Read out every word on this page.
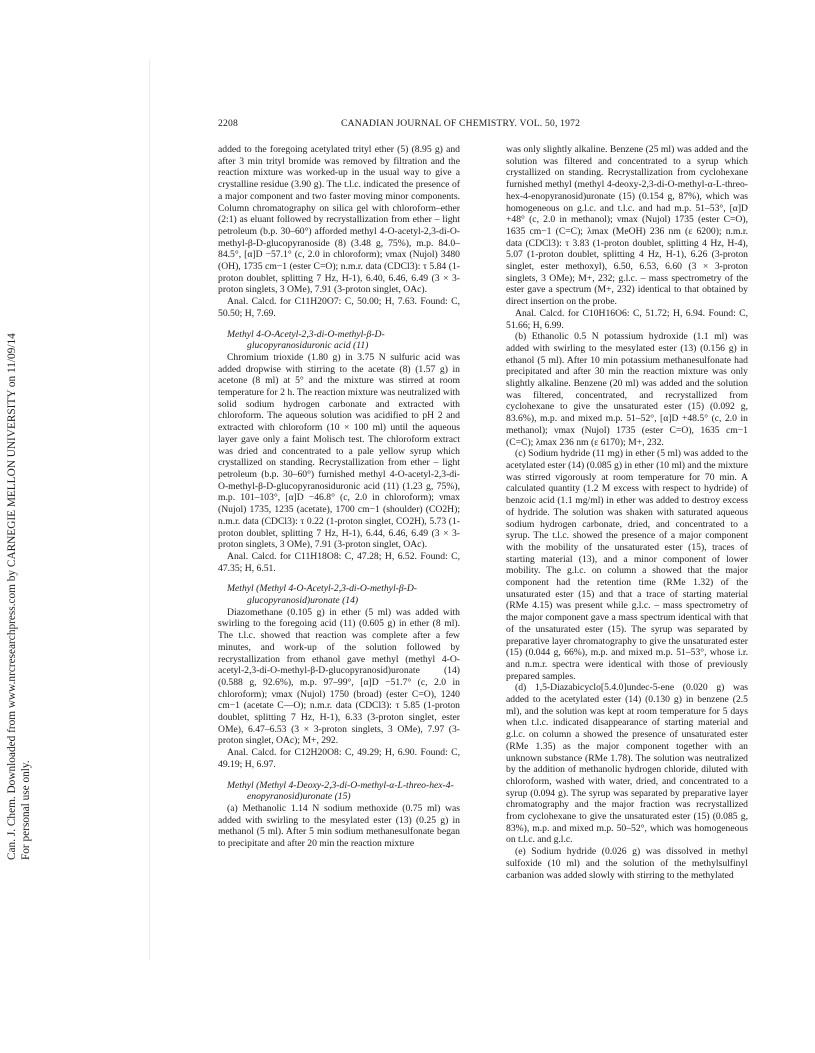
Can. J. Chem. Downloaded from www.nrcresearchpress.com by CARNEGIE MELLON UNIVERSITY on 11/09/14 For personal use only.
2208	CANADIAN JOURNAL OF CHEMISTRY. VOL. 50, 1972

added to the foregoing acetylated trityl ether (5) (8.95 g) and after 3 min trityl bromide was removed by filtration and the reaction mixture was worked-up in the usual way to give a crystalline residue (3.90 g). The t.l.c. indicated the presence of a major component and two faster moving minor components. Column chromatography on silica gel with chloroform–ether (2:1) as eluant followed by recrystallization from ether – light petroleum (b.p. 30–60°) afforded methyl 4-O-acetyl-2,3-di-O-methyl-β-D-glucopyranoside (8) (3.48 g, 75%), m.p. 84.0–84.5°, [α]D −57.1° (c, 2.0 in chloroform); νmax (Nujol) 3480 (OH), 1735 cm−1 (ester C=O); n.m.r. data (CDCl3): τ 5.84 (1-proton doublet, splitting 7 Hz, H-1), 6.40, 6.46, 6.49 (3 × 3-proton singlets, 3 OMe), 7.91 (3-proton singlet, OAc).

Anal. Calcd. for C11H20O7: C, 50.00; H, 7.63. Found: C, 50.50; H, 7.69.

Methyl 4-O-Acetyl-2,3-di-O-methyl-β-D-
glucopyranosiduronic acid (11)

Chromium trioxide (1.80 g) in 3.75 N sulfuric acid was added dropwise with stirring to the acetate (8) (1.57 g) in acetone (8 ml) at 5° and the mixture was stirred at room temperature for 2 h. The reaction mixture was neutralized with solid sodium hydrogen carbonate and extracted with chloroform. The aqueous solution was acidified to pH 2 and extracted with chloroform (10 × 100 ml) until the aqueous layer gave only a faint Molisch test. The chloroform extract was dried and concentrated to a pale yellow syrup which crystallized on standing. Recrystallization from ether – light petroleum (b.p. 30–60°) furnished methyl 4-O-acetyl-2,3-di-O-methyl-β-D-glucopyranosiduronic acid (11) (1.23 g, 75%), m.p. 101–103°, [α]D −46.8° (c, 2.0 in chloroform); νmax (Nujol) 1735, 1235 (acetate), 1700 cm−1 (shoulder) (CO2H); n.m.r. data (CDCl3): τ 0.22 (1-proton singlet, CO2H), 5.73 (1-proton doublet, splitting 7 Hz, H-1), 6.44, 6.46, 6.49 (3 × 3-proton singlets, 3 OMe), 7.91 (3-proton singlet, OAc).

Anal. Calcd. for C11H18O8: C, 47.28; H, 6.52. Found: C, 47.35; H, 6.51.

Methyl (Methyl 4-O-Acetyl-2,3-di-O-methyl-β-D-
glucopyranosid)uronate (14)

Diazomethane (0.105 g) in ether (5 ml) was added with swirling to the foregoing acid (11) (0.605 g) in ether (8 ml). The t.l.c. showed that reaction was complete after a few minutes, and work-up of the solution followed by recrystallization from ethanol gave methyl (methyl 4-O-acetyl-2,3-di-O-methyl-β-D-glucopyranosid)uronate (14) (0.588 g, 92.6%), m.p. 97–99°, [α]D −51.7° (c, 2.0 in chloroform); νmax (Nujol) 1750 (broad) (ester C=O), 1240 cm−1 (acetate C—O); n.m.r. data (CDCl3): τ 5.85 (1-proton doublet, splitting 7 Hz, H-1), 6.33 (3-proton singlet, ester OMe), 6.47–6.53 (3 × 3-proton singlets, 3 OMe), 7.97 (3-proton singlet, OAc); M+, 292.

Anal. Calcd. for C12H20O8: C, 49.29; H, 6.90. Found: C, 49.19; H, 6.97.

Methyl (Methyl 4-Deoxy-2,3-di-O-methyl-α-L-threo-hex-4-
enopyranosid)uronate (15)

(a) Methanolic 1.14 N sodium methoxide (0.75 ml) was added with swirling to the mesylated ester (13) (0.25 g) in methanol (5 ml). After 5 min sodium methanesulfonate began to precipitate and after 20 min the reaction mixture

was only slightly alkaline. Benzene (25 ml) was added and the solution was filtered and concentrated to a syrup which crystallized on standing. Recrystallization from cyclohexane furnished methyl (methyl 4-deoxy-2,3-di-O-methyl-α-L-threo-hex-4-enopyranosid)uronate (15) (0.154 g, 87%), which was homogeneous on g.l.c. and t.l.c. and had m.p. 51–53°, [α]D +48° (c, 2.0 in methanol); νmax (Nujol) 1735 (ester C=O), 1635 cm−1 (C=C); λmax (MeOH) 236 nm (ε 6200); n.m.r. data (CDCl3): τ 3.83 (1-proton doublet, splitting 4 Hz, H-4), 5.07 (1-proton doublet, splitting 4 Hz, H-1), 6.26 (3-proton singlet, ester methoxyl), 6.50, 6.53, 6.60 (3 × 3-proton singlets, 3 OMe); M+, 232; g.l.c. – mass spectrometry of the ester gave a spectrum (M+, 232) identical to that obtained by direct insertion on the probe.

Anal. Calcd. for C10H16O6: C, 51.72; H, 6.94. Found: C, 51.66; H, 6.99.

(b) Ethanolic 0.5 N potassium hydroxide (1.1 ml) was added with swirling to the mesylated ester (13) (0.156 g) in ethanol (5 ml). After 10 min potassium methanesulfonate had precipitated and after 30 min the reaction mixture was only slightly alkaline. Benzene (20 ml) was added and the solution was filtered, concentrated, and recrystallized from cyclohexane to give the unsaturated ester (15) (0.092 g, 83.6%), m.p. and mixed m.p. 51–52°, [α]D +48.5° (c, 2.0 in methanol); νmax (Nujol) 1735 (ester C=O), 1635 cm−1 (C=C); λmax 236 nm (ε 6170); M+, 232.

(c) Sodium hydride (11 mg) in ether (5 ml) was added to the acetylated ester (14) (0.085 g) in ether (10 ml) and the mixture was stirred vigorously at room temperature for 70 min. A calculated quantity (1.2 M excess with respect to hydride) of benzoic acid (1.1 mg/ml) in ether was added to destroy excess of hydride. The solution was shaken with saturated aqueous sodium hydrogen carbonate, dried, and concentrated to a syrup. The t.l.c. showed the presence of a major component with the mobility of the unsaturated ester (15), traces of starting material (13), and a minor component of lower mobility. The g.l.c. on column a showed that the major component had the retention time (RMe 1.32) of the unsaturated ester (15) and that a trace of starting material (RMe 4.15) was present while g.l.c. – mass spectrometry of the major component gave a mass spectrum identical with that of the unsaturated ester (15). The syrup was separated by preparative layer chromatography to give the unsaturated ester (15) (0.044 g, 66%), m.p. and mixed m.p. 51–53°, whose i.r. and n.m.r. spectra were identical with those of previously prepared samples.

(d) 1,5-Diazabicyclo[5.4.0]undec-5-ene (0.020 g) was added to the acetylated ester (14) (0.130 g) in benzene (2.5 ml), and the solution was kept at room temperature for 5 days when t.l.c. indicated disappearance of starting material and g.l.c. on column a showed the presence of unsaturated ester (RMe 1.35) as the major component together with an unknown substance (RMe 1.78). The solution was neutralized by the addition of methanolic hydrogen chloride, diluted with chloroform, washed with water, dried, and concentrated to a syrup (0.094 g). The syrup was separated by preparative layer chromatography and the major fraction was recrystallized from cyclohexane to give the unsaturated ester (15) (0.085 g, 83%), m.p. and mixed m.p. 50–52°, which was homogeneous on t.l.c. and g.l.c.

(e) Sodium hydride (0.026 g) was dissolved in methyl sulfoxide (10 ml) and the solution of the methylsulfinyl carbanion was added slowly with stirring to the methylated
